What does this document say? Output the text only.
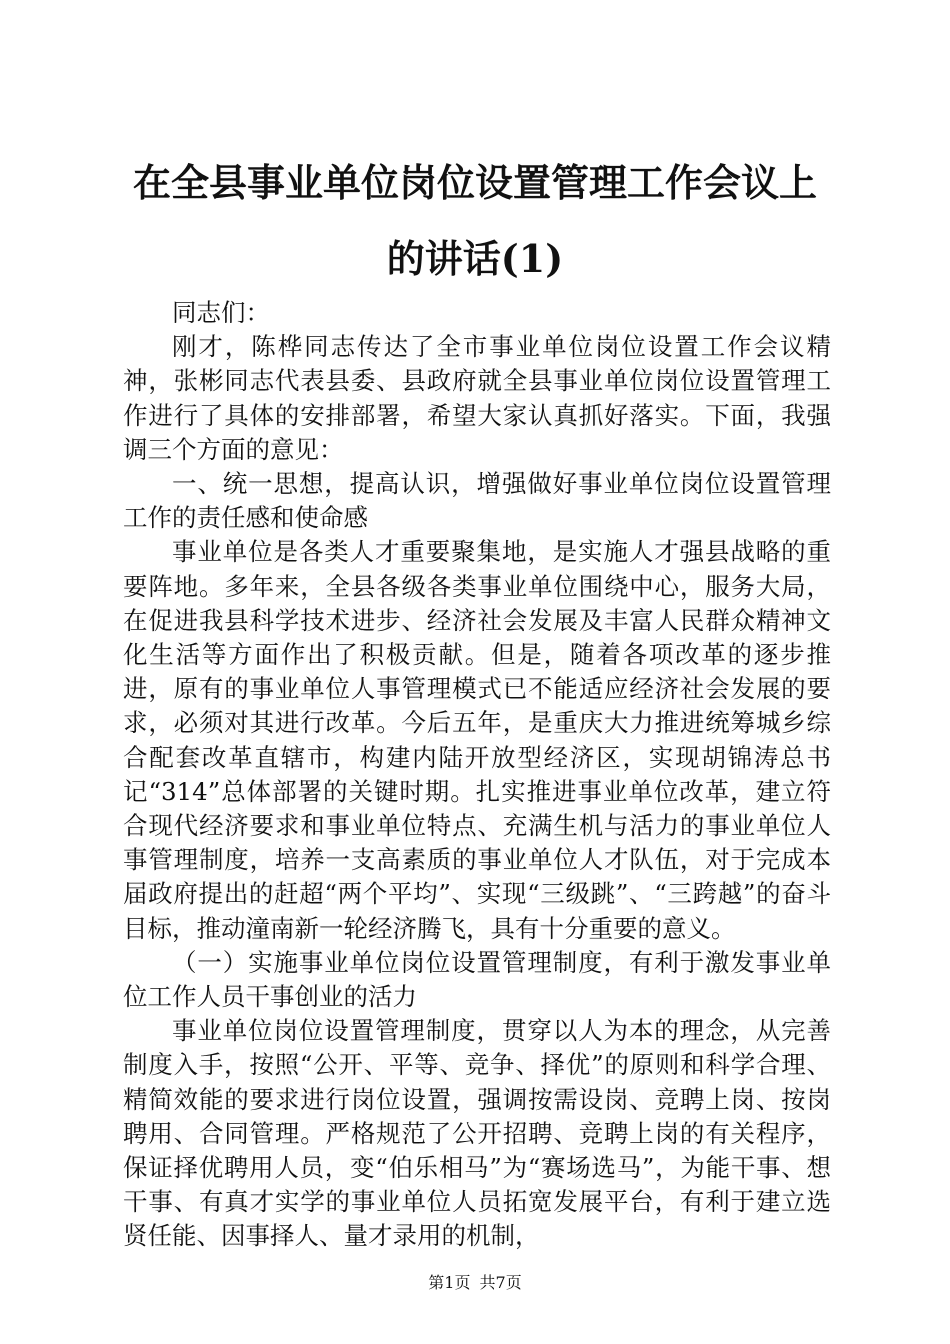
在全县事业单位岗位设置管理工作会议上的讲话(1)

同志们：

刚才，陈桦同志传达了全市事业单位岗位设置工作会议精神，张彬同志代表县委、县政府就全县事业单位岗位设置管理工作进行了具体的安排部署，希望大家认真抓好落实。下面，我强调三个方面的意见：

一、统一思想，提高认识，增强做好事业单位岗位设置管理工作的责任感和使命感

事业单位是各类人才重要聚集地，是实施人才强县战略的重要阵地。多年来，全县各级各类事业单位围绕中心，服务大局，在促进我县科学技术进步、经济社会发展及丰富人民群众精神文化生活等方面作出了积极贡献。但是，随着各项改革的逐步推进，原有的事业单位人事管理模式已不能适应经济社会发展的要求，必须对其进行改革。今后五年，是重庆大力推进统筹城乡综合配套改革直辖市，构建内陆开放型经济区，实现胡锦涛总书记“314”总体部署的关键时期。扎实推进事业单位改革，建立符合现代经济要求和事业单位特点、充满生机与活力的事业单位人事管理制度，培养一支高素质的事业单位人才队伍，对于完成本届政府提出的赶超“两个平均”、实现“三级跳”、“三跨越”的奋斗目标，推动潼南新一轮经济腾飞，具有十分重要的意义。

（一）实施事业单位岗位设置管理制度，有利于激发事业单位工作人员干事创业的活力

事业单位岗位设置管理制度，贯穿以人为本的理念，从完善制度入手，按照“公开、平等、竞争、择优”的原则和科学合理、精简效能的要求进行岗位设置，强调按需设岗、竞聘上岗、按岗聘用、合同管理。严格规范了公开招聘、竞聘上岗的有关程序，保证择优聘用人员，变“伯乐相马”为“赛场选马”，为能干事、想干事、有真才实学的事业单位人员拓宽发展平台，有利于建立选贤任能、因事择人、量才录用的机制，

第1页 共7页
